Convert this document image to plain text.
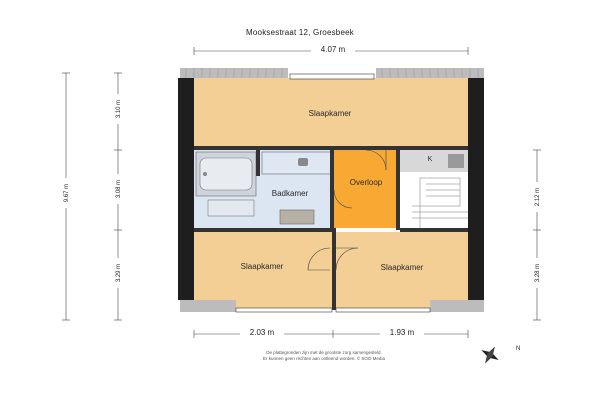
Mooksestraat 12, Groesbeek
4.07 m
2.03 m	1.93 m
9.67 m
3.10 m
3.08 m
3.29 m
2.12 m
3.28 m
Slaapkamer
Badkamer
Overloop
Slaapkamer	Slaapkamer
K
De plattegronden zijn met de grootste zorg samengesteld.
Er kunnen geen rechten aan ontleend worden. © SOO Media
N
